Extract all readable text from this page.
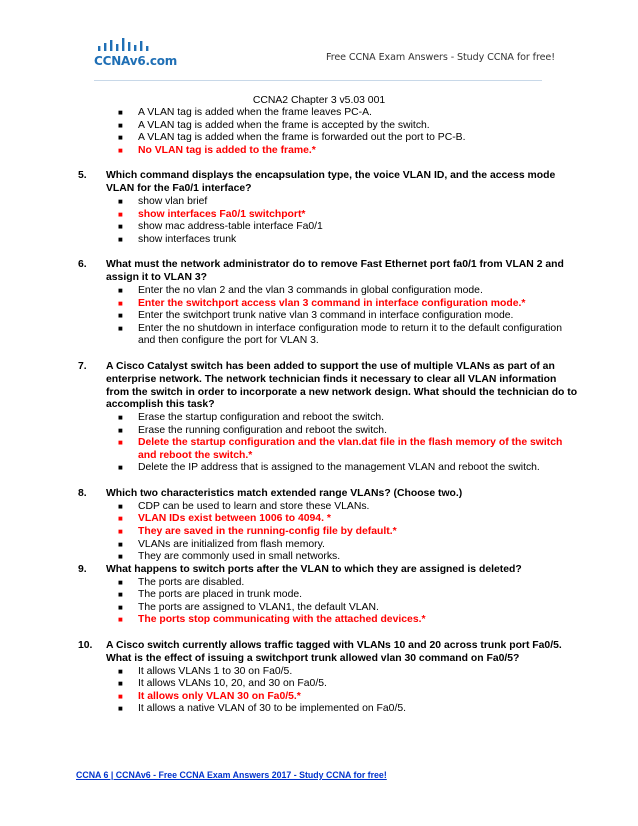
CCNAv6.com	Free CCNA Exam Answers - Study CCNA for free!
CCNA2 Chapter 3 v5.03 001
■ A VLAN tag is added when the frame leaves PC-A.
■ A VLAN tag is added when the frame is accepted by the switch.
■ A VLAN tag is added when the frame is forwarded out the port to PC-B.
■ No VLAN tag is added to the frame.*
5. Which command displays the encapsulation type, the voice VLAN ID, and the access mode VLAN for the Fa0/1 interface?
■ show vlan brief
■ show interfaces Fa0/1 switchport*
■ show mac address-table interface Fa0/1
■ show interfaces trunk
6. What must the network administrator do to remove Fast Ethernet port fa0/1 from VLAN 2 and assign it to VLAN 3?
■ Enter the no vlan 2 and the vlan 3 commands in global configuration mode.
■ Enter the switchport access vlan 3 command in interface configuration mode.*
■ Enter the switchport trunk native vlan 3 command in interface configuration mode.
■ Enter the no shutdown in interface configuration mode to return it to the default configuration and then configure the port for VLAN 3.
7. A Cisco Catalyst switch has been added to support the use of multiple VLANs as part of an enterprise network. The network technician finds it necessary to clear all VLAN information from the switch in order to incorporate a new network design. What should the technician do to accomplish this task?
■ Erase the startup configuration and reboot the switch.
■ Erase the running configuration and reboot the switch.
■ Delete the startup configuration and the vlan.dat file in the flash memory of the switch and reboot the switch.*
■ Delete the IP address that is assigned to the management VLAN and reboot the switch.
8. Which two characteristics match extended range VLANs? (Choose two.)
■ CDP can be used to learn and store these VLANs.
■ VLAN IDs exist between 1006 to 4094. *
■ They are saved in the running-config file by default.*
■ VLANs are initialized from flash memory.
■ They are commonly used in small networks.
9. What happens to switch ports after the VLAN to which they are assigned is deleted?
■ The ports are disabled.
■ The ports are placed in trunk mode.
■ The ports are assigned to VLAN1, the default VLAN.
■ The ports stop communicating with the attached devices.*
10. A Cisco switch currently allows traffic tagged with VLANs 10 and 20 across trunk port Fa0/5. What is the effect of issuing a switchport trunk allowed vlan 30 command on Fa0/5?
■ It allows VLANs 1 to 30 on Fa0/5.
■ It allows VLANs 10, 20, and 30 on Fa0/5.
■ It allows only VLAN 30 on Fa0/5.*
■ It allows a native VLAN of 30 to be implemented on Fa0/5.
CCNA 6 | CCNAv6 - Free CCNA Exam Answers 2017 - Study CCNA for free!
